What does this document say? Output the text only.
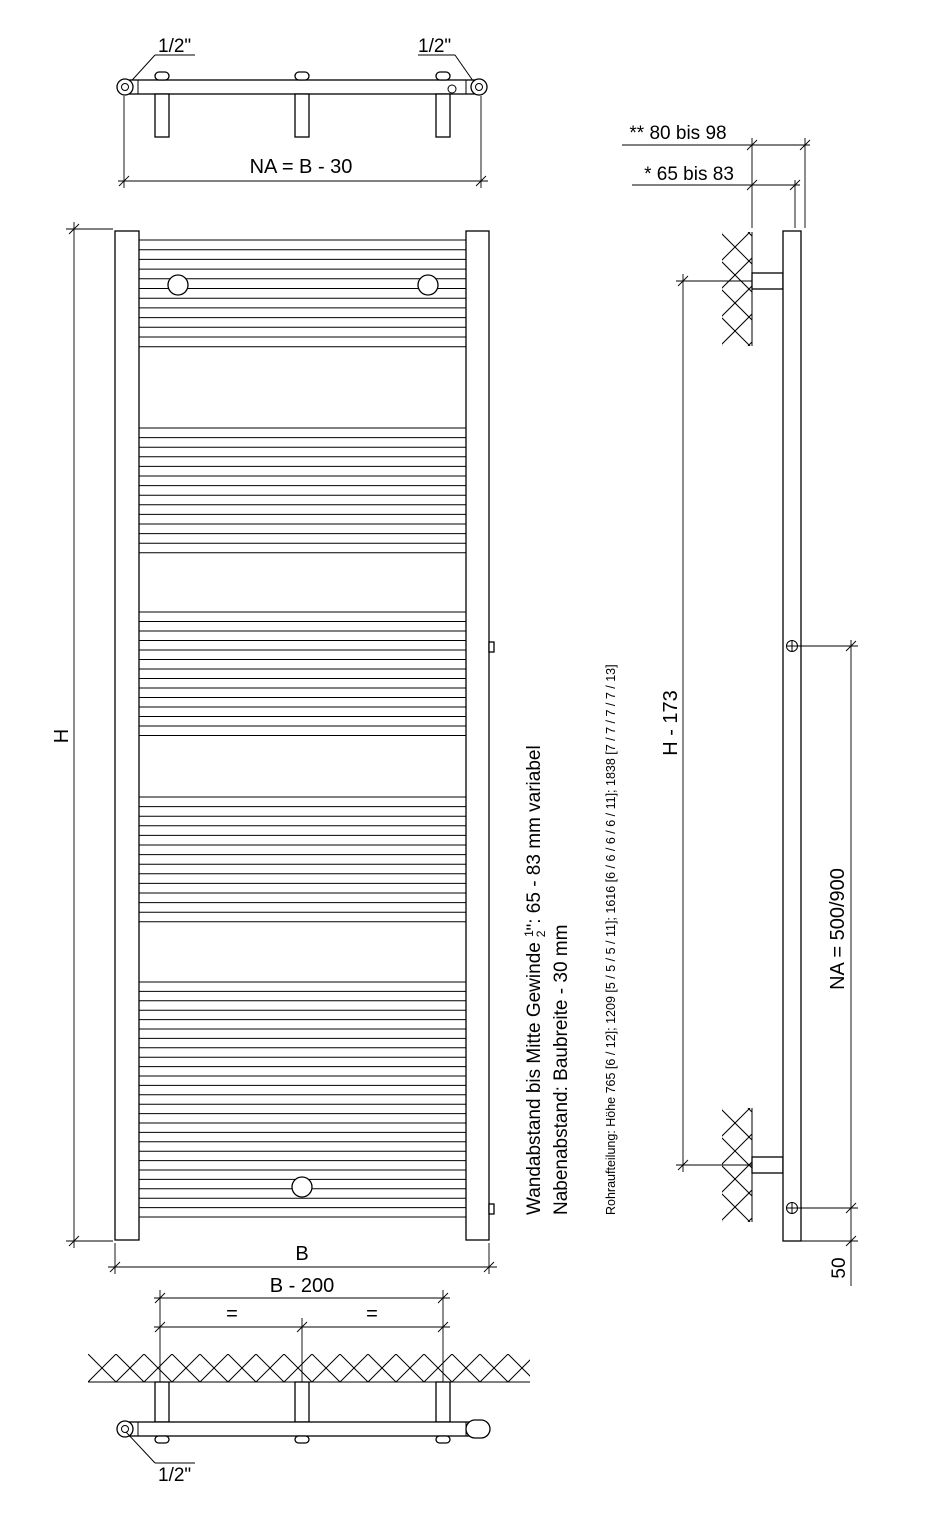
1/2"	1/2"
NA = B - 30
H
B
B - 200
=	=
1/2"
Wandabstand bis Mitte Gewinde $^1$2": 65 - 83 mm variabel
Nabenabstand: Baubreite - 30 mm	Rohraufteilung: Höhe 765 [6 / 12]; 1209 [5 / 5 / 5 / 11]; 1616 [6 / 6 / 6 / 6 / 11]; 1838 [7 / 7 / 7 / 7 / 13]
** 80 bis 98
* 65 bis 83
H - 173
NA = 500/900
50
